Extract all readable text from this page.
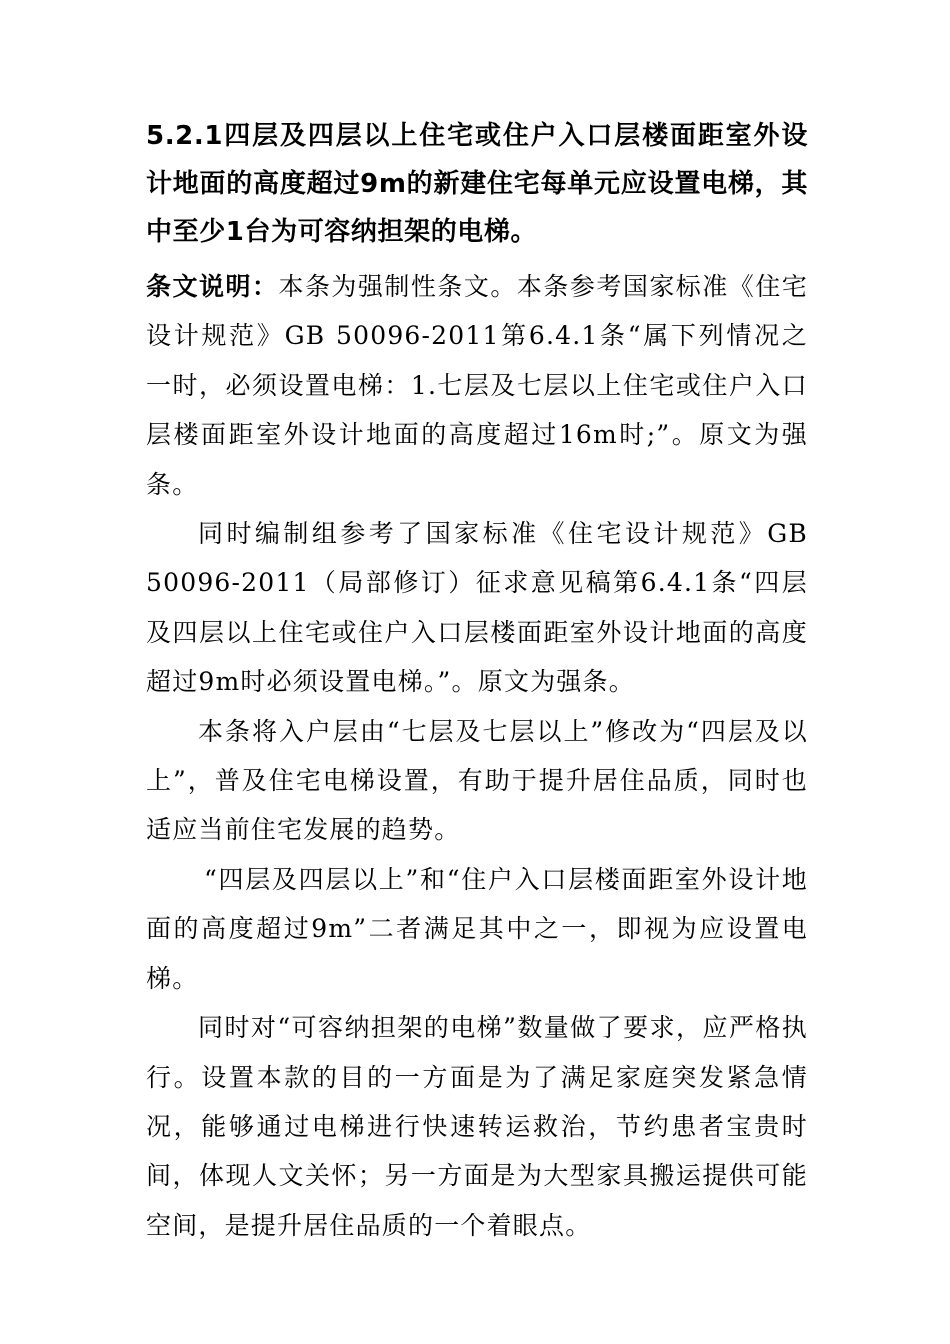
5.2.1四层及四层以上住宅或住户入口层楼面距室外设计地面的高度超过9m的新建住宅每单元应设置电梯，其中至少1台为可容纳担架的电梯。

条文说明：本条为强制性条文。本条参考国家标准《住宅设计规范》GB 50096-2011第6.4.1条“属下列情况之一时，必须设置电梯：1.七层及七层以上住宅或住户入口层楼面距室外设计地面的高度超过16m时;”。原文为强条。

同时编制组参考了国家标准《住宅设计规范》GB 50096-2011（局部修订）征求意见稿第6.4.1条“四层及四层以上住宅或住户入口层楼面距室外设计地面的高度超过9m时必须设置电梯。”。原文为强条。

本条将入户层由“七层及七层以上”修改为“四层及以上”，普及住宅电梯设置，有助于提升居住品质，同时也适应当前住宅发展的趋势。

“四层及四层以上”和“住户入口层楼面距室外设计地面的高度超过9m”二者满足其中之一，即视为应设置电梯。

同时对“可容纳担架的电梯”数量做了要求，应严格执行。设置本款的目的一方面是为了满足家庭突发紧急情况，能够通过电梯进行快速转运救治，节约患者宝贵时间，体现人文关怀；另一方面是为大型家具搬运提供可能空间，是提升居住品质的一个着眼点。
